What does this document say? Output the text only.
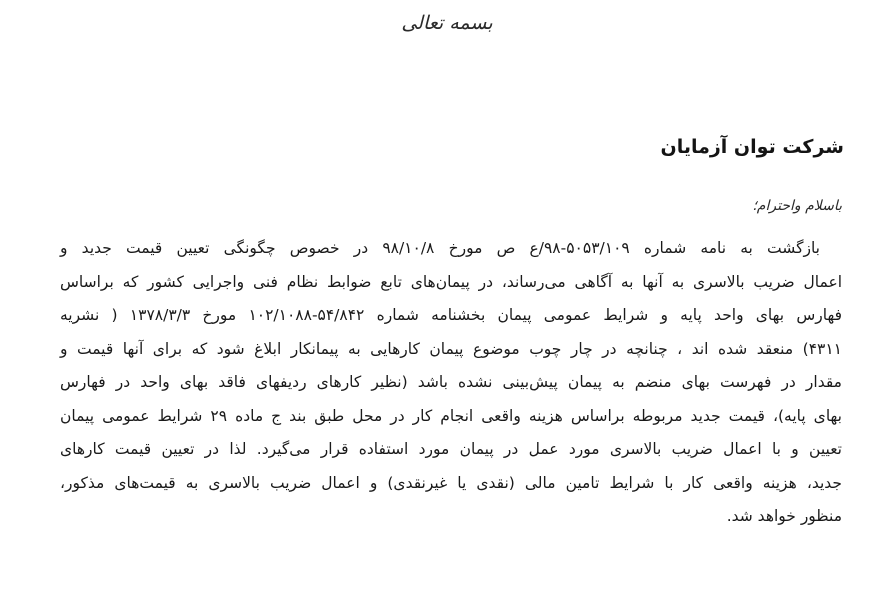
بسمه تعالی
شرکت توان آزمایان
باسلام واحترام؛
بازگشت به نامه شماره ۵۰۵۳/۱۰۹-۹۸/ع ص مورخ ۹۸/۱۰/۸ در خصوص چگونگی تعیین قیمت جدید و
اعمال ضریب بالاسری به آنها به آگاهی می‌رساند، در پیمان‌های تابع ضوابط نظام فنی واجرایی کشور که براساس
فهارس بهای واحد پایه و شرایط عمومی پیمان بخشنامه شماره ۵۴/۸۴۲-۱۰۲/۱۰۸۸ مورخ ۱۳۷۸/۳/۳ ( نشریه
۴۳۱۱) منعقد شده اند ، چنانچه در چار چوب موضوع پیمان کارهایی به پیمانکار ابلاغ شود که برای آنها قیمت و
مقدار در فهرست بهای منضم به پیمان پیش‌بینی نشده باشد (نظیر کارهای ردیفهای فاقد بهای واحد در فهارس
بهای پایه)، قیمت جدید مربوطه براساس هزینه واقعی انجام کار در محل طبق بند ج ماده ۲۹ شرایط عمومی پیمان
تعیین و با اعمال ضریب بالاسری مورد عمل در پیمان مورد استفاده قرار می‌گیرد. لذا در تعیین قیمت کارهای
جدید، هزینه واقعی کار با شرایط تامین مالی (نقدی یا غیرنقدی) و اعمال ضریب بالاسری به قیمت‌های مذکور،
منظور خواهد شد.
